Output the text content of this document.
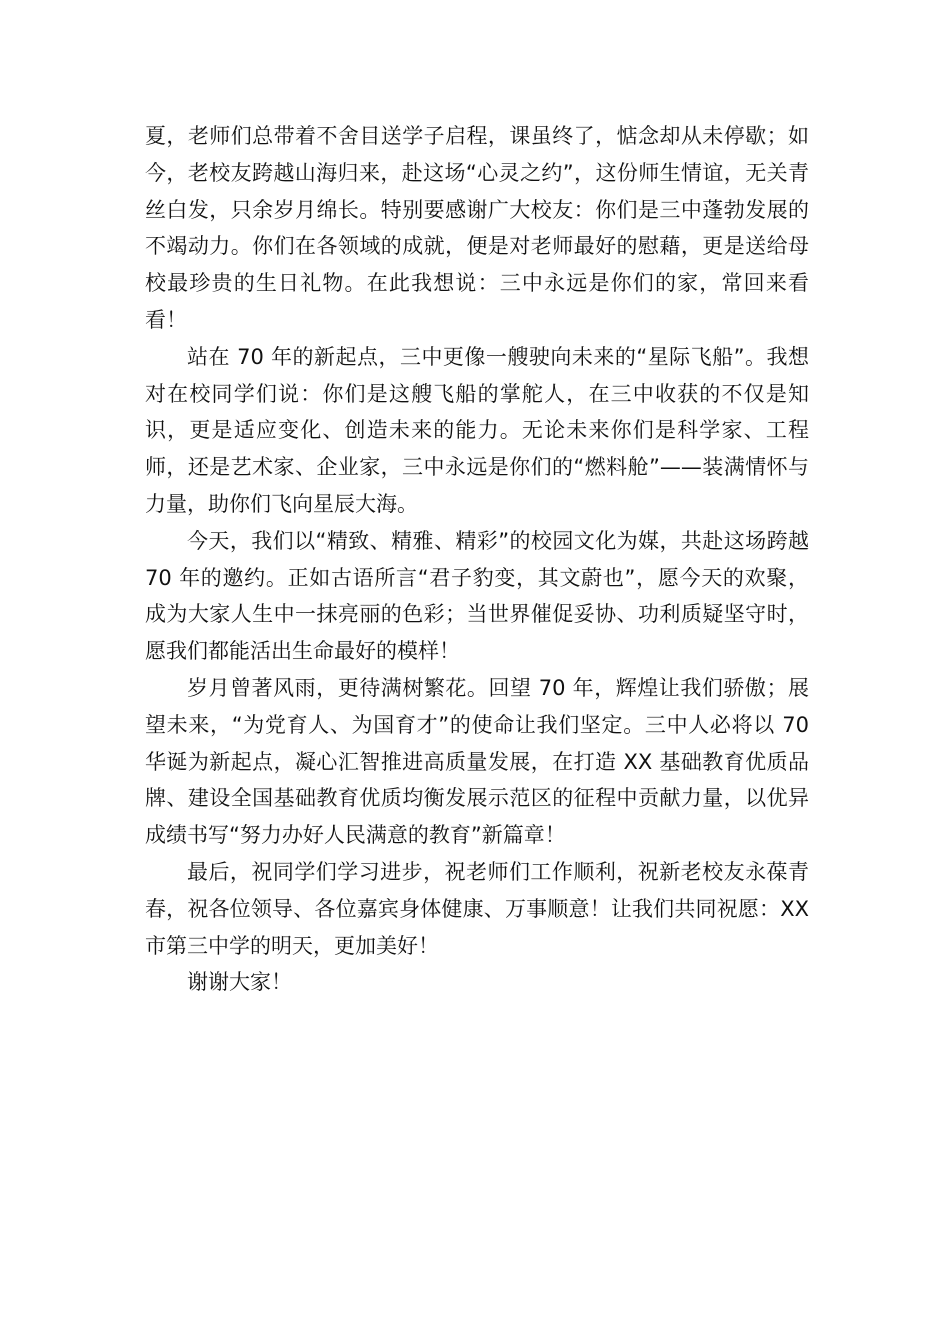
夏，老师们总带着不舍目送学子启程，课虽终了，惦念却从未停歇；如今，老校友跨越山海归来，赴这场“心灵之约”，这份师生情谊，无关青丝白发，只余岁月绵长。特别要感谢广大校友：你们是三中蓬勃发展的不竭动力。你们在各领域的成就，便是对老师最好的慰藉，更是送给母校最珍贵的生日礼物。在此我想说：三中永远是你们的家，常回来看看！

站在 70 年的新起点，三中更像一艘驶向未来的“星际飞船”。我想对在校同学们说：你们是这艘飞船的掌舵人，在三中收获的不仅是知识，更是适应变化、创造未来的能力。无论未来你们是科学家、工程师，还是艺术家、企业家，三中永远是你们的“燃料舱”——装满情怀与力量，助你们飞向星辰大海。

今天，我们以“精致、精雅、精彩”的校园文化为媒，共赴这场跨越 70 年的邀约。正如古语所言“君子豹变，其文蔚也”，愿今天的欢聚，成为大家人生中一抹亮丽的色彩；当世界催促妥协、功利质疑坚守时，愿我们都能活出生命最好的模样！

岁月曾著风雨，更待满树繁花。回望 70 年，辉煌让我们骄傲；展望未来，“为党育人、为国育才”的使命让我们坚定。三中人必将以 70 华诞为新起点，凝心汇智推进高质量发展，在打造 XX 基础教育优质品牌、建设全国基础教育优质均衡发展示范区的征程中贡献力量，以优异成绩书写“努力办好人民满意的教育”新篇章！

最后，祝同学们学习进步，祝老师们工作顺利，祝新老校友永葆青春，祝各位领导、各位嘉宾身体健康、万事顺意！让我们共同祝愿：XX 市第三中学的明天，更加美好！

谢谢大家！
